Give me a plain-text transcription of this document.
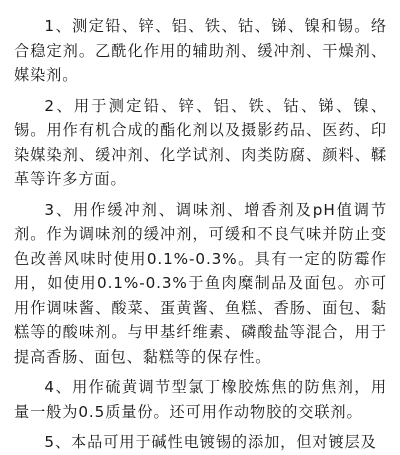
1、测定铅、锌、铝、铁、钴、锑、镍和锡。络合稳定剂。乙酰化作用的辅助剂、缓冲剂、干燥剂、媒染剂。

2、用于测定铅、锌、铝、铁、钴、锑、镍、锡。用作有机合成的酯化剂以及摄影药品、医药、印染媒染剂、缓冲剂、化学试剂、肉类防腐、颜料、鞣革等许多方面。

3、用作缓冲剂、调味剂、增香剂及pH值调节剂。作为调味剂的缓冲剂，可缓和不良气味并防止变色改善风味时使用0.1%-0.3%。具有一定的防霉作用，如使用0.1%-0.3%于鱼肉糜制品及面包。亦可用作调味酱、酸菜、蛋黄酱、鱼糕、香肠、面包、黏糕等的酸味剂。与甲基纤维素、磷酸盐等混合，用于提高香肠、面包、黏糕等的保存性。

4、用作硫黄调节型氯丁橡胶炼焦的防焦剂，用量一般为0.5质量份。还可用作动物胶的交联剂。

5、本品可用于碱性电镀锡的添加，但对镀层及
